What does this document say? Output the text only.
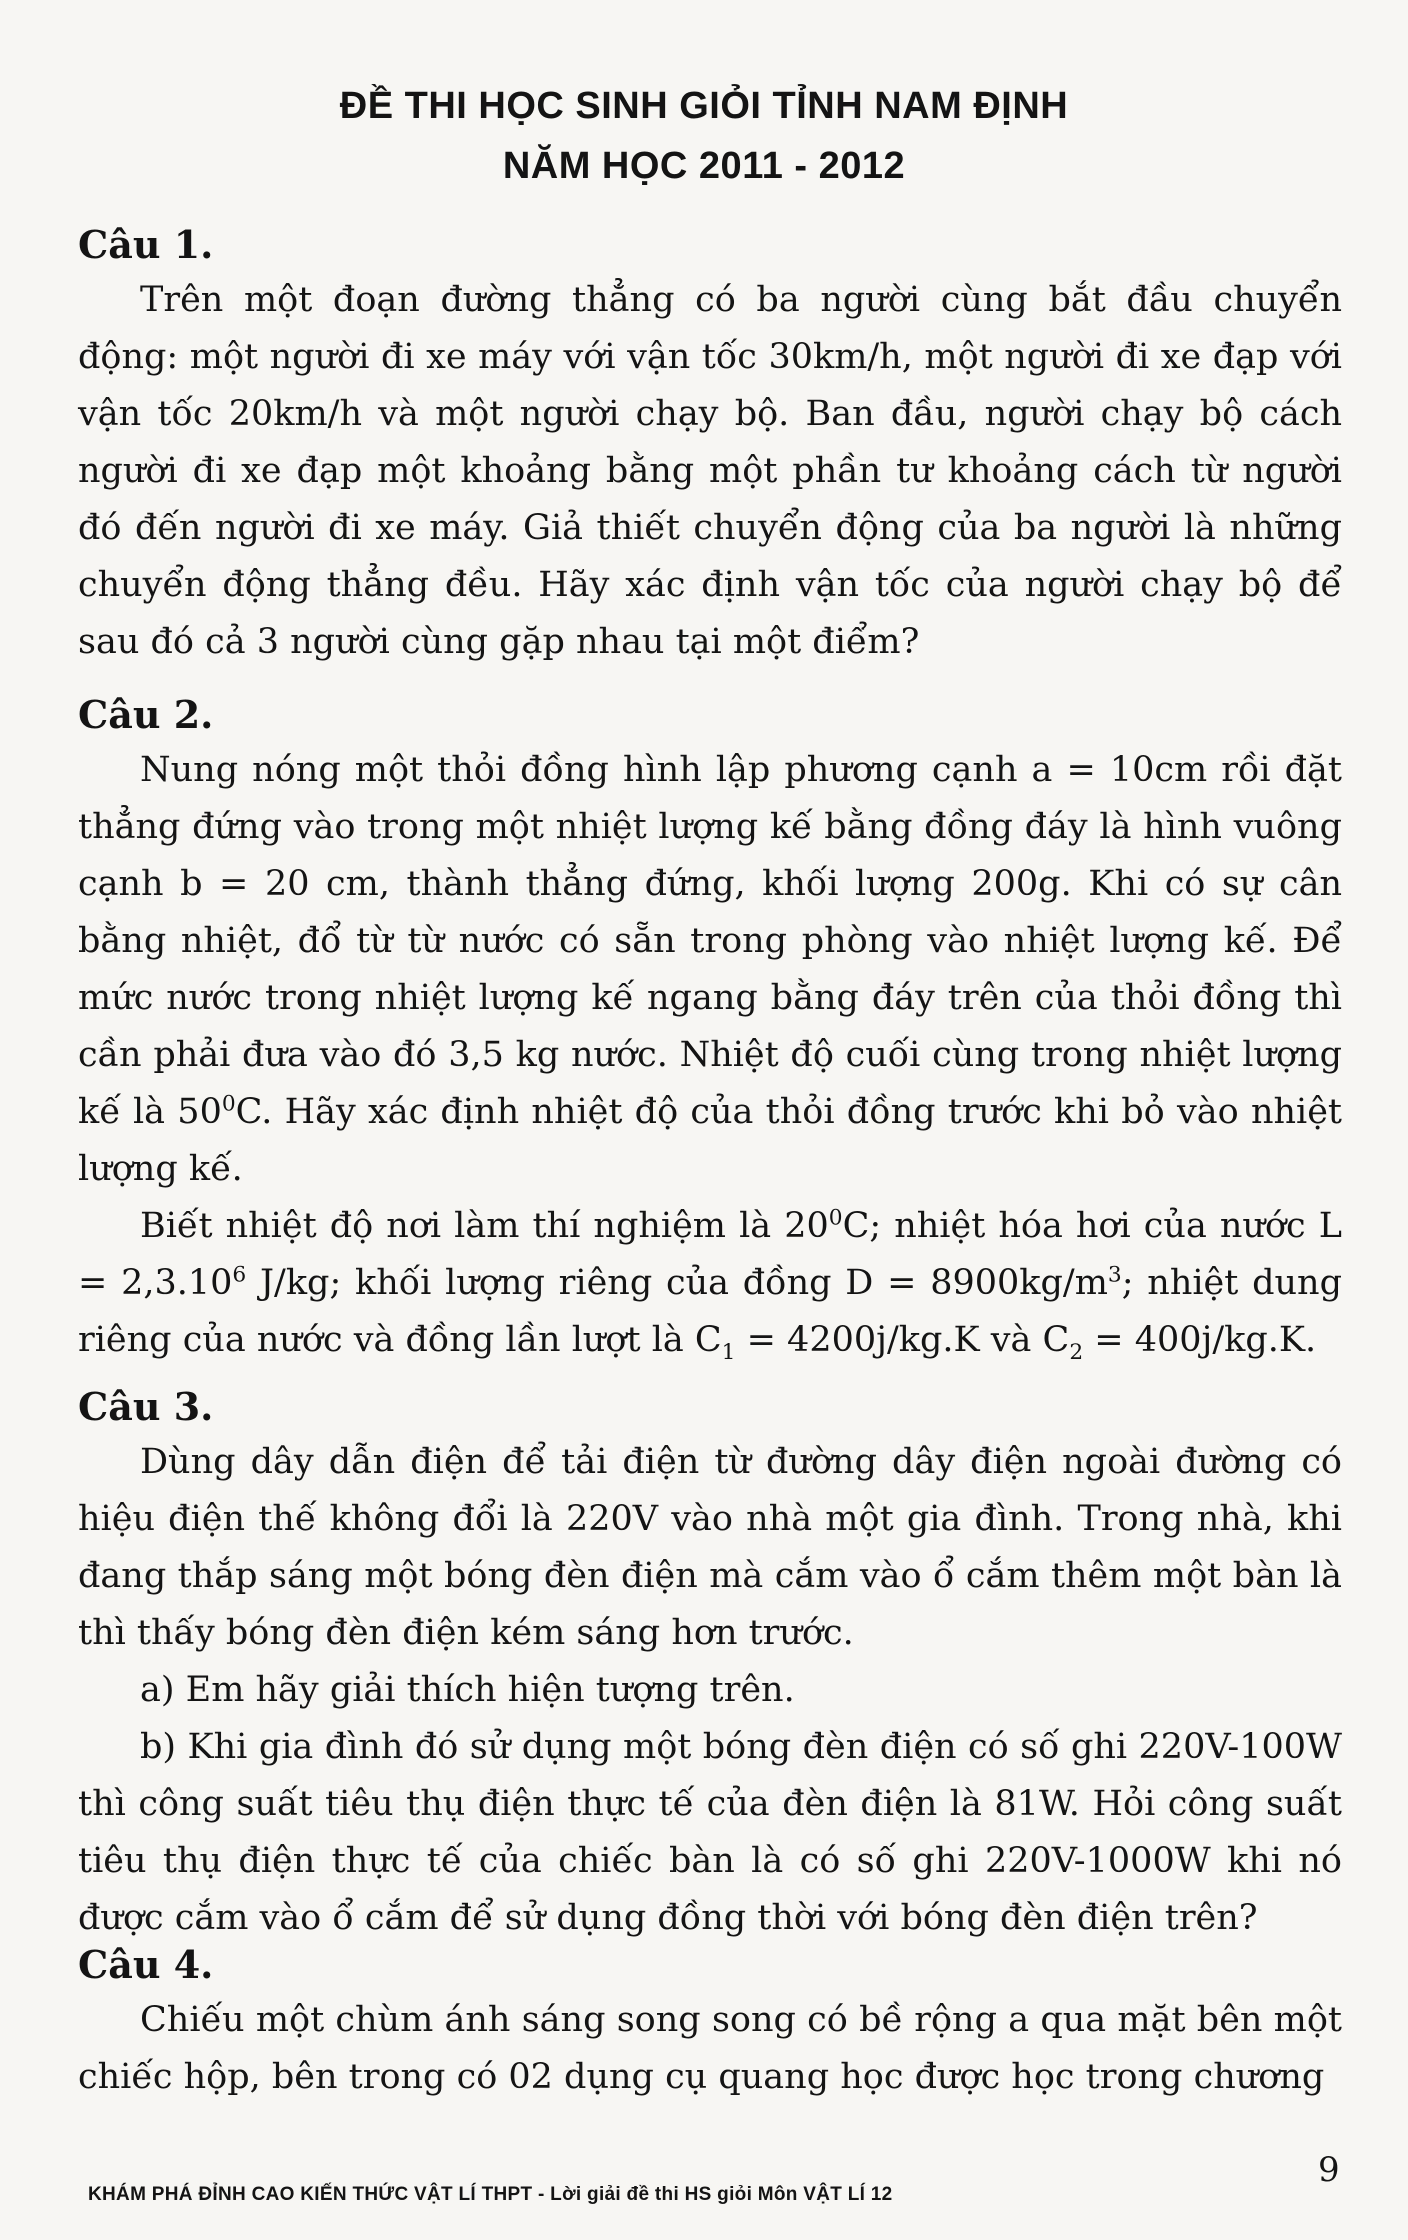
ĐỀ THI HỌC SINH GIỎI TỈNH NAM ĐỊNH
NĂM HỌC 2011 - 2012

Câu 1.

Trên một đoạn đường thẳng có ba người cùng bắt đầu chuyển động: một người đi xe máy với vận tốc 30km/h, một người đi xe đạp với vận tốc 20km/h và một người chạy bộ. Ban đầu, người chạy bộ cách người đi xe đạp một khoảng bằng một phần tư khoảng cách từ người đó đến người đi xe máy. Giả thiết chuyển động của ba người là những chuyển động thẳng đều. Hãy xác định vận tốc của người chạy bộ để sau đó cả 3 người cùng gặp nhau tại một điểm?

Câu 2.

Nung nóng một thỏi đồng hình lập phương cạnh a = 10cm rồi đặt thẳng đứng vào trong một nhiệt lượng kế bằng đồng đáy là hình vuông cạnh b = 20 cm, thành thẳng đứng, khối lượng 200g. Khi có sự cân bằng nhiệt, đổ từ từ nước có sẵn trong phòng vào nhiệt lượng kế. Để mức nước trong nhiệt lượng kế ngang bằng đáy trên của thỏi đồng thì cần phải đưa vào đó 3,5 kg nước. Nhiệt độ cuối cùng trong nhiệt lượng kế là $50^0C$. Hãy xác định nhiệt độ của thỏi đồng trước khi bỏ vào nhiệt lượng kế.

Biết nhiệt độ nơi làm thí nghiệm là $20^0C$; nhiệt hóa hơi của nước $L = 2,3.10^6$ J/kg; khối lượng riêng của đồng $D = 8900kg/m^3$; nhiệt dung riêng của nước và đồng lần lượt là $C_1 = 4200j/kg.K$ và $C_2 = 400j/kg.K$.

Câu 3.

Dùng dây dẫn điện để tải điện từ đường dây điện ngoài đường có hiệu điện thế không đổi là 220V vào nhà một gia đình. Trong nhà, khi đang thắp sáng một bóng đèn điện mà cắm vào ổ cắm thêm một bàn là thì thấy bóng đèn điện kém sáng hơn trước.

a) Em hãy giải thích hiện tượng trên.

b) Khi gia đình đó sử dụng một bóng đèn điện có số ghi 220V-100W thì công suất tiêu thụ điện thực tế của đèn điện là 81W. Hỏi công suất tiêu thụ điện thực tế của chiếc bàn là có số ghi 220V-1000W khi nó được cắm vào ổ cắm để sử dụng đồng thời với bóng đèn điện trên?

Câu 4.

Chiếu một chùm ánh sáng song song có bề rộng a qua mặt bên một chiếc hộp, bên trong có 02 dụng cụ quang học được học trong chương

9
KHÁM PHÁ ĐỈNH CAO KIẾN THỨC VẬT LÍ THPT - Lời giải đề thi HS giỏi Môn VẬT LÍ 12
